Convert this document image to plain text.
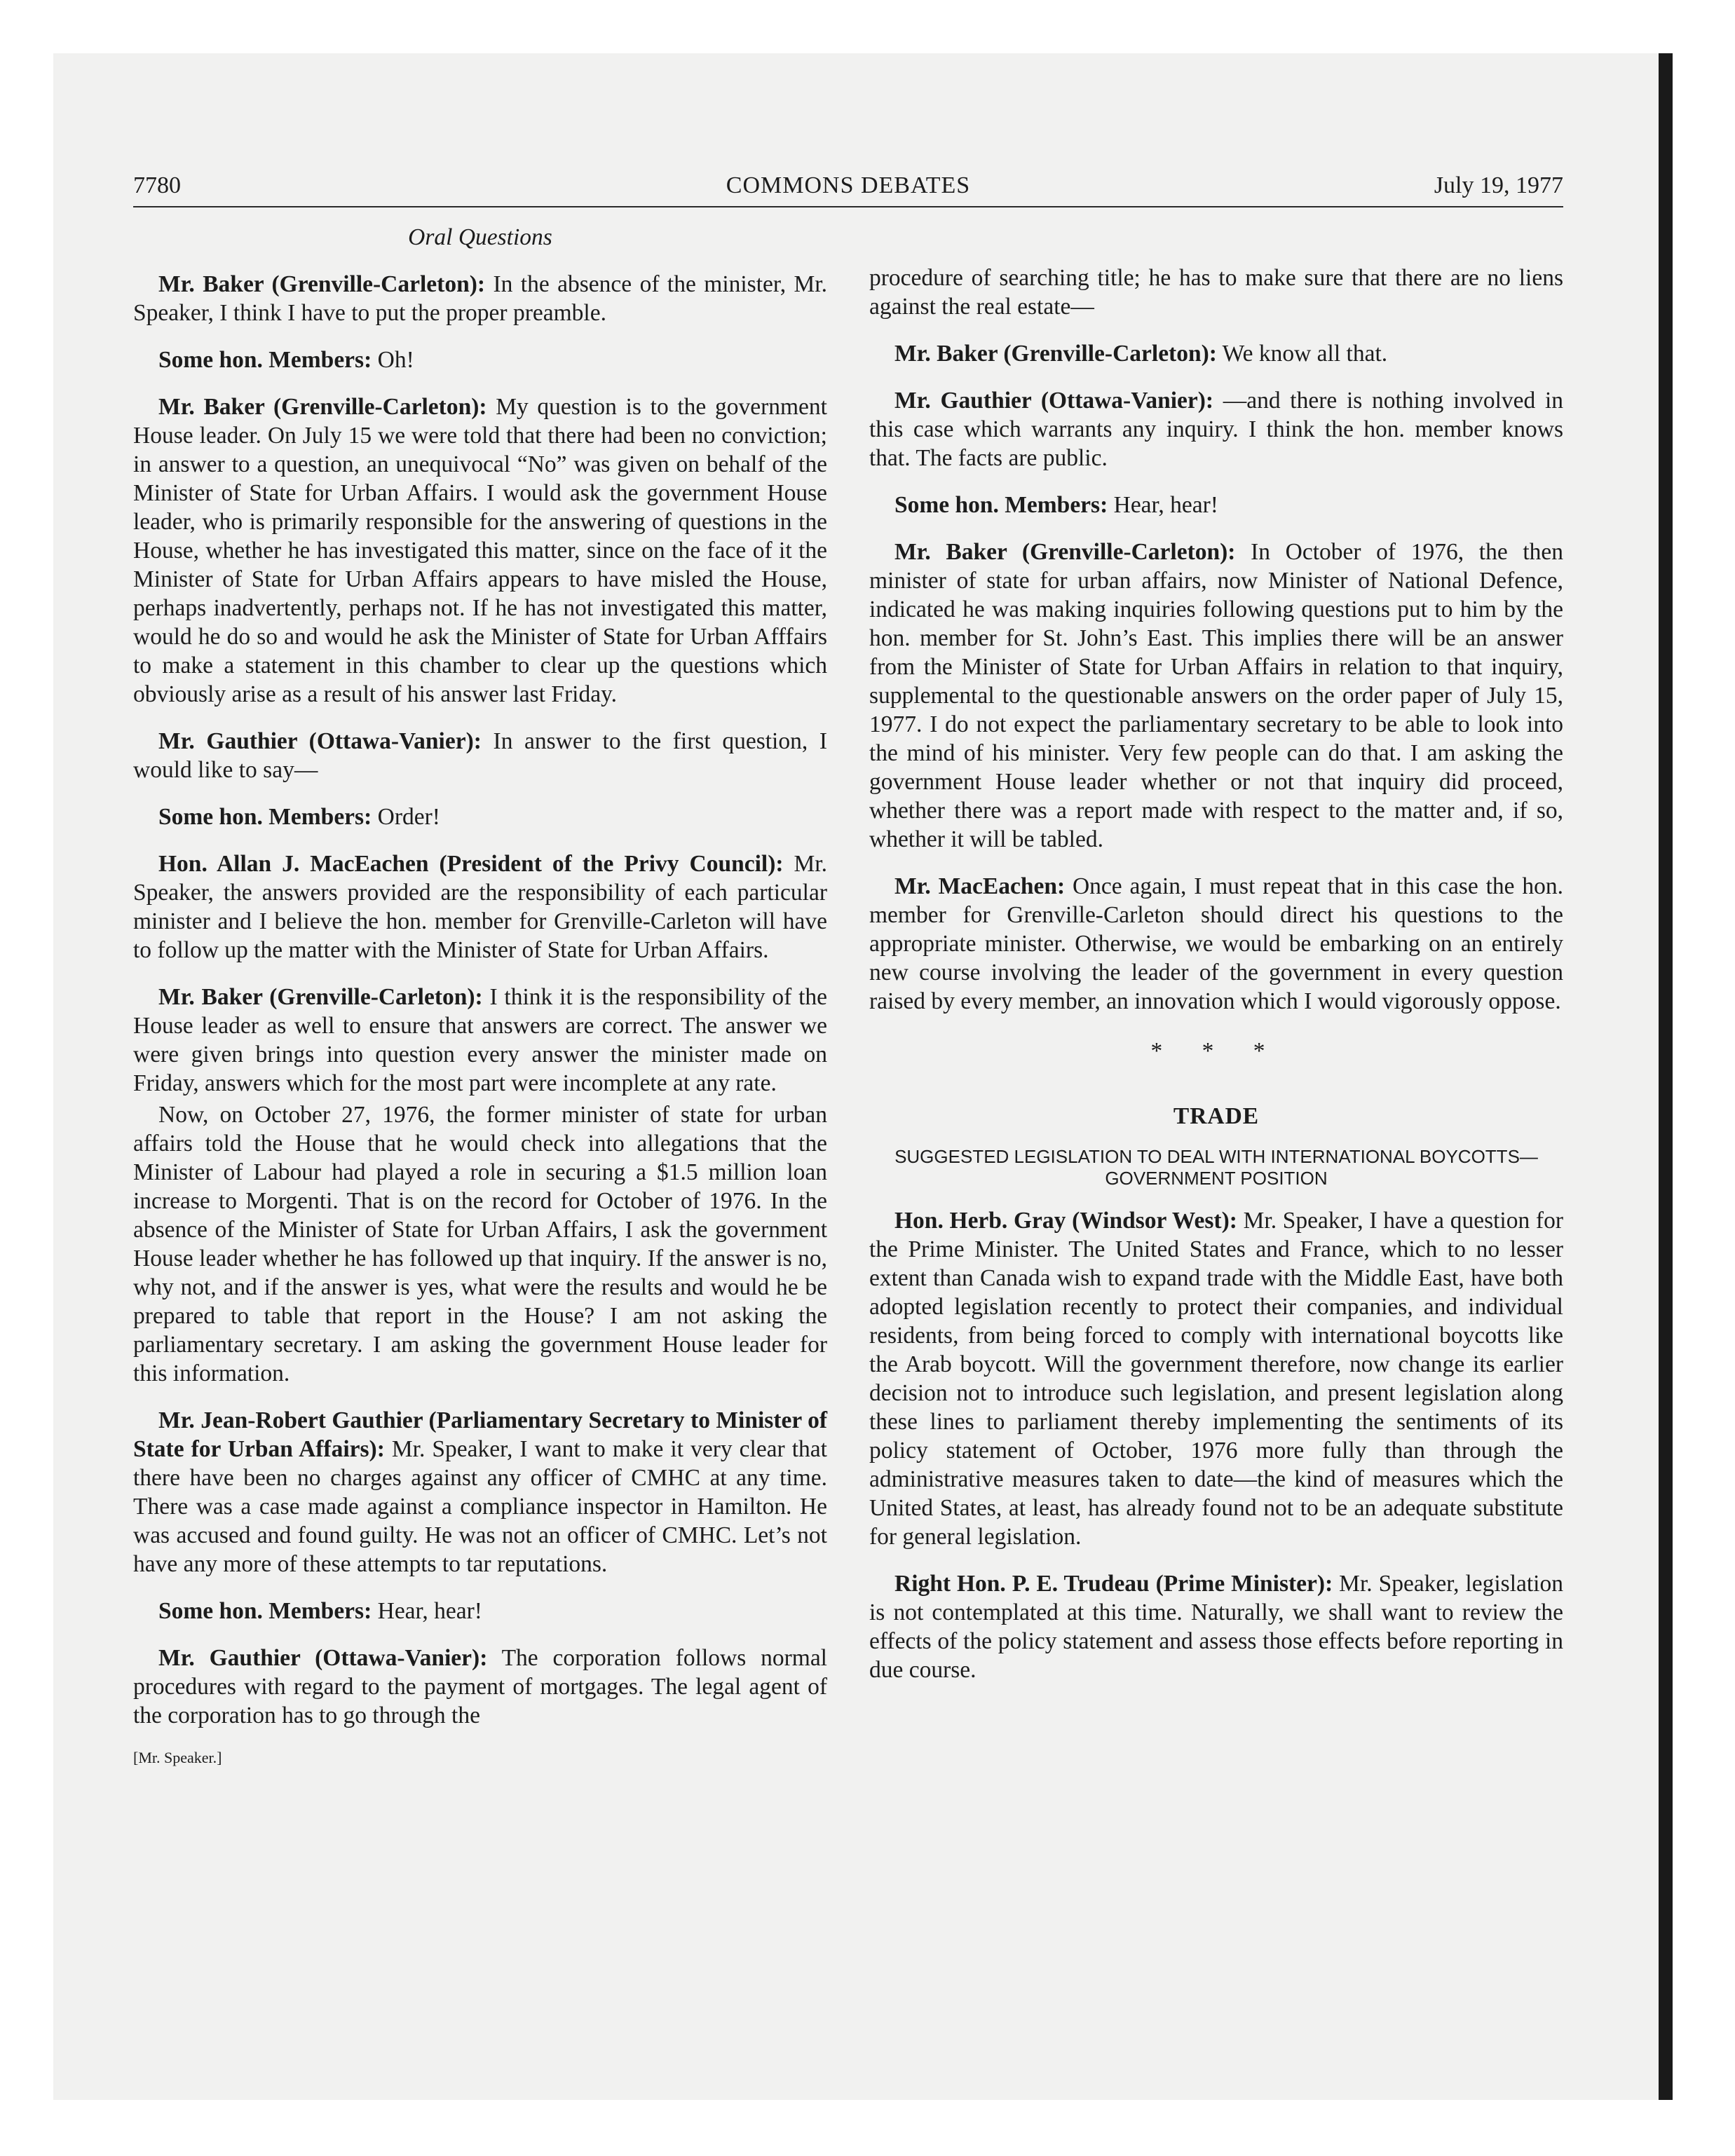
7780	COMMONS DEBATES	July 19, 1977

Oral Questions

Mr. Baker (Grenville-Carleton): In the absence of the minister, Mr. Speaker, I think I have to put the proper preamble.

Some hon. Members: Oh!

Mr. Baker (Grenville-Carleton): My question is to the government House leader. On July 15 we were told that there had been no conviction; in answer to a question, an unequivocal “No” was given on behalf of the Minister of State for Urban Affairs. I would ask the government House leader, who is primarily responsible for the answering of questions in the House, whether he has investigated this matter, since on the face of it the Minister of State for Urban Affairs appears to have misled the House, perhaps inadvertently, perhaps not. If he has not investigated this matter, would he do so and would he ask the Minister of State for Urban Afffairs to make a statement in this chamber to clear up the questions which obviously arise as a result of his answer last Friday.

Mr. Gauthier (Ottawa-Vanier): In answer to the first question, I would like to say—

Some hon. Members: Order!

Hon. Allan J. MacEachen (President of the Privy Council): Mr. Speaker, the answers provided are the responsibility of each particular minister and I believe the hon. member for Grenville-Carleton will have to follow up the matter with the Minister of State for Urban Affairs.

Mr. Baker (Grenville-Carleton): I think it is the responsibility of the House leader as well to ensure that answers are correct. The answer we were given brings into question every answer the minister made on Friday, answers which for the most part were incomplete at any rate.

Now, on October 27, 1976, the former minister of state for urban affairs told the House that he would check into allegations that the Minister of Labour had played a role in securing a $1.5 million loan increase to Morgenti. That is on the record for October of 1976. In the absence of the Minister of State for Urban Affairs, I ask the government House leader whether he has followed up that inquiry. If the answer is no, why not, and if the answer is yes, what were the results and would he be prepared to table that report in the House? I am not asking the parliamentary secretary. I am asking the government House leader for this information.

Mr. Jean-Robert Gauthier (Parliamentary Secretary to Minister of State for Urban Affairs): Mr. Speaker, I want to make it very clear that there have been no charges against any officer of CMHC at any time. There was a case made against a compliance inspector in Hamilton. He was accused and found guilty. He was not an officer of CMHC. Let’s not have any more of these attempts to tar reputations.

Some hon. Members: Hear, hear!

Mr. Gauthier (Ottawa-Vanier): The corporation follows normal procedures with regard to the payment of mortgages. The legal agent of the corporation has to go through the

[Mr. Speaker.]

procedure of searching title; he has to make sure that there are no liens against the real estate—

Mr. Baker (Grenville-Carleton): We know all that.

Mr. Gauthier (Ottawa-Vanier): —and there is nothing involved in this case which warrants any inquiry. I think the hon. member knows that. The facts are public.

Some hon. Members: Hear, hear!

Mr. Baker (Grenville-Carleton): In October of 1976, the then minister of state for urban affairs, now Minister of National Defence, indicated he was making inquiries following questions put to him by the hon. member for St. John’s East. This implies there will be an answer from the Minister of State for Urban Affairs in relation to that inquiry, supplemental to the questionable answers on the order paper of July 15, 1977. I do not expect the parliamentary secretary to be able to look into the mind of his minister. Very few people can do that. I am asking the government House leader whether or not that inquiry did proceed, whether there was a report made with respect to the matter and, if so, whether it will be tabled.

Mr. MacEachen: Once again, I must repeat that in this case the hon. member for Grenville-Carleton should direct his questions to the appropriate minister. Otherwise, we would be embarking on an entirely new course involving the leader of the government in every question raised by every member, an innovation which I would vigorously oppose.

* * *

TRADE

SUGGESTED LEGISLATION TO DEAL WITH INTERNATIONAL BOYCOTTS—GOVERNMENT POSITION

Hon. Herb. Gray (Windsor West): Mr. Speaker, I have a question for the Prime Minister. The United States and France, which to no lesser extent than Canada wish to expand trade with the Middle East, have both adopted legislation recently to protect their companies, and individual residents, from being forced to comply with international boycotts like the Arab boycott. Will the government therefore, now change its earlier decision not to introduce such legislation, and present legislation along these lines to parliament thereby implementing the sentiments of its policy statement of October, 1976 more fully than through the administrative measures taken to date—the kind of measures which the United States, at least, has already found not to be an adequate substitute for general legislation.

Right Hon. P. E. Trudeau (Prime Minister): Mr. Speaker, legislation is not contemplated at this time. Naturally, we shall want to review the effects of the policy statement and assess those effects before reporting in due course.
